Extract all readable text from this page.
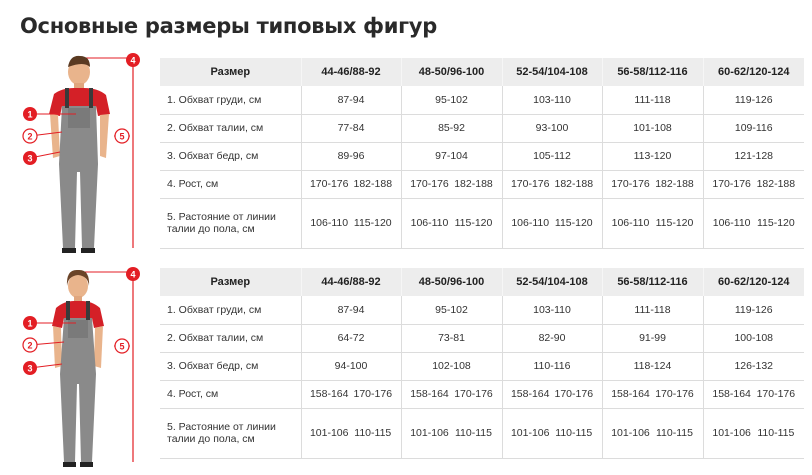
Основные размеры типовых фигур
1
2
3
4
5
1
2
3
4
5
Размер	44-46/88-92	48-50/96-100	52-54/104-108	56-58/112-116	60-62/120-124
1. Обхват груди, см	87-94	95-102	103-110	111-118	119-126
2. Обхват талии, см	77-84	85-92	93-100	101-108	109-116
3. Обхват бедр, см	89-96	97-104	105-112	113-120	121-128
4. Рост, см	170-176 182-188	170-176 182-188	170-176 182-188	170-176 182-188	170-176 182-188

5. Растояние от линии
талии до пола, см	106-110 115-120	106-110 115-120	106-110 115-120	106-110 115-120	106-110 115-120
Размер	44-46/88-92	48-50/96-100	52-54/104-108	56-58/112-116	60-62/120-124
1. Обхват груди, см	87-94	95-102	103-110	111-118	119-126
2. Обхват талии, см	64-72	73-81	82-90	91-99	100-108
3. Обхват бедр, см	94-100	102-108	110-116	118-124	126-132
4. Рост, см	158-164 170-176	158-164 170-176	158-164 170-176	158-164 170-176	158-164 170-176

5. Растояние от линии
талии до пола, см	101-106 110-115	101-106 110-115	101-106 110-115	101-106 110-115	101-106 110-115
